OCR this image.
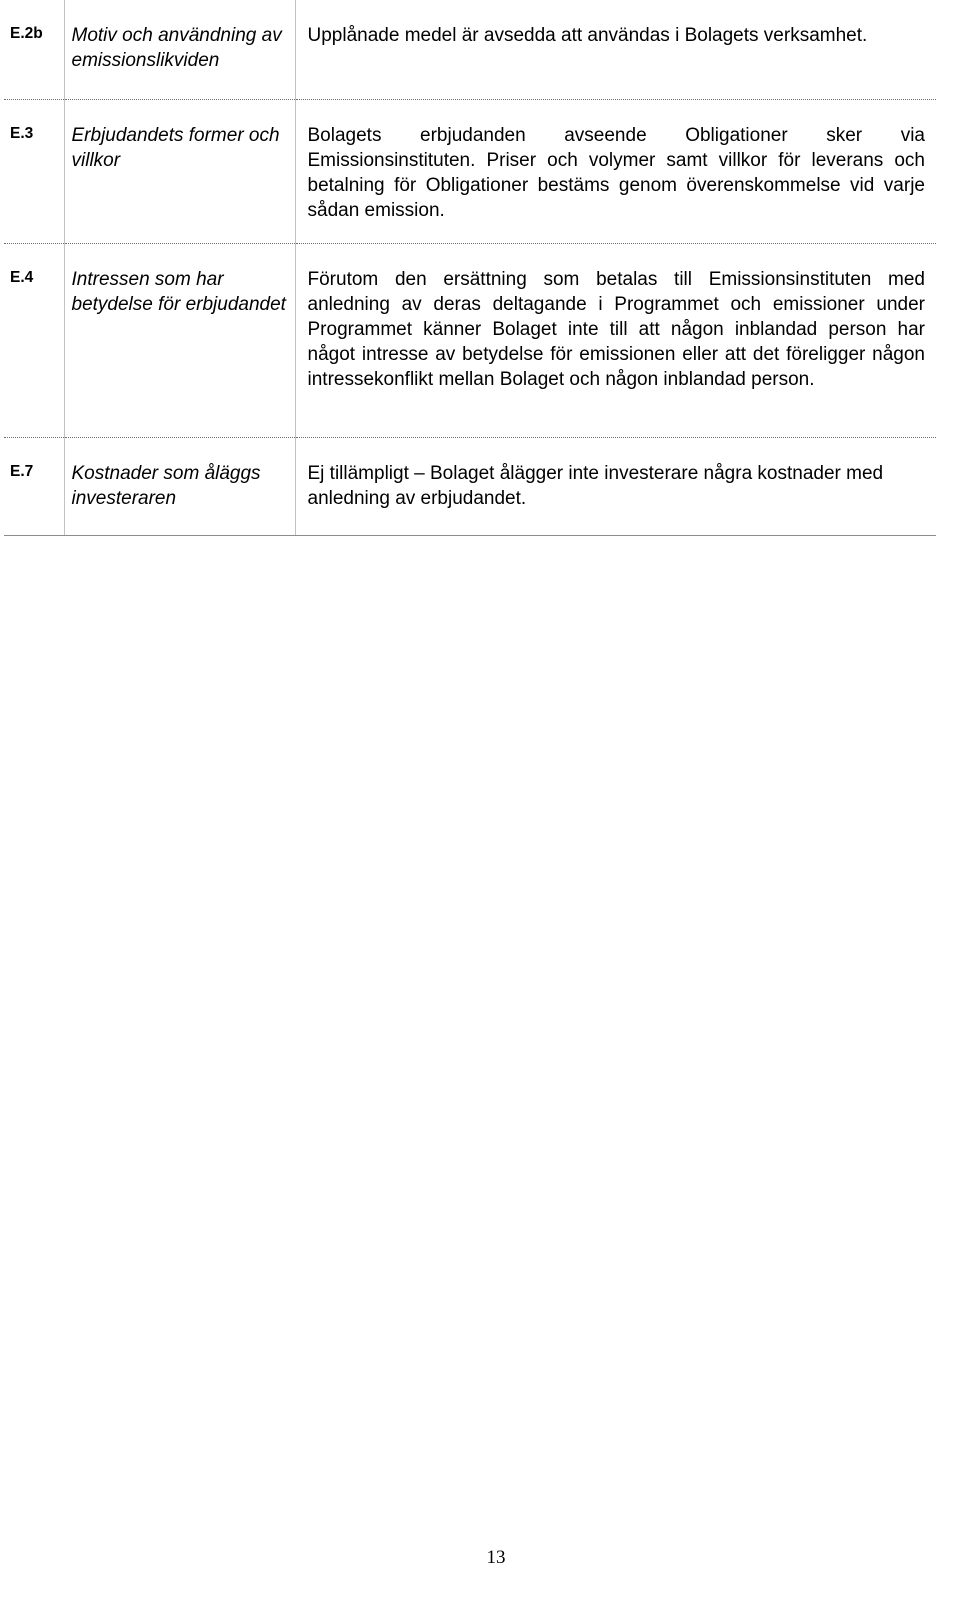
E.2b	Motiv och användning av emissionslikviden	Upplånade medel är avsedda att användas i Bolagets verksamhet.
E.3	Erbjudandets former och villkor	Bolagets erbjudanden avseende Obligationer sker via Emissionsinstituten. Priser och volymer samt villkor för leverans och betalning för Obligationer bestäms genom överenskommelse vid varje sådan emission.
E.4	Intressen som har betydelse för erbjudandet	Förutom den ersättning som betalas till Emissionsinstituten med anledning av deras deltagande i Programmet och emissioner under Programmet känner Bolaget inte till att någon inblandad person har något intresse av betydelse för emissionen eller att det föreligger någon intressekonflikt mellan Bolaget och någon inblandad person.
E.7	Kostnader som åläggs investeraren	Ej tillämpligt – Bolaget ålägger inte investerare några kostnader med anledning av erbjudandet.
13
